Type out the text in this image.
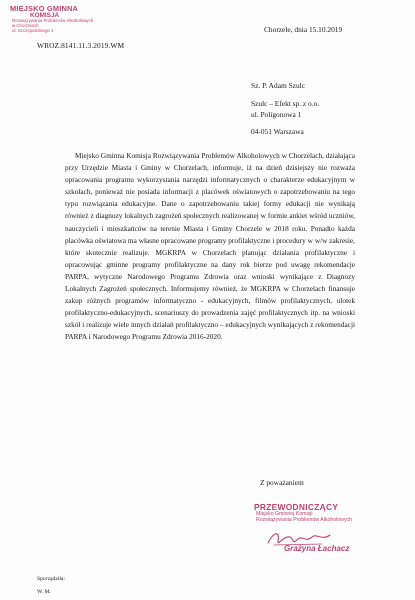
MIEJSKO GMINNA
KOMISJA
Rozwiązywania Problemów Alkoholowych
w Chorzelach
ul. Szczepańskiego 1	Chorzele, dnia 15.10.2019
WROZ.8141.11.3.2019.WM
Sz. P. Adam Szulc
Szulc – Efekt sp. z o.o.
ul. Poligonowa 1
04-051 Warszawa

Miejsko Gminna Komisja Rozwiązywania Problemów Alkoholowych w Chorzelach, działająca przy Urzędzie Miasta i Gminy w Chorzelach, informuje, iż na dzień dzisiejszy nie rozważa opracowania programu wykorzystania narzędzi informatycznych o charakterze edukacyjnym w szkołach, ponieważ nie posiada informacji z placówek oświatowych o zapotrzebowaniu na tego typu rozwiązania edukacyjne. Dane o zapotrzebowaniu takiej formy edukacji nie wynikają również z diagnozy lokalnych zagrożeń społecznych realizowanej w formie ankiet wśród uczniów, nauczycieli i mieszkańców na terenie Miasta i Gminy Chorzele w 2018 roku. Ponadto każda placówka oświatowa ma własne opracowane programy profilaktyczne i procedury w w/w zakresie, które skutecznie realizuje. MGKRPA w Chorzelach planując działania profilaktyczne i opracowując gminne programy profilaktyczne na dany rok bierze pod uwagę rekomendacje PARPA, wytyczne Narodowego Programu Zdrowia oraz wnioski wynikające z Diagnozy Lokalnych Zagrożeń społecznych. Informujemy również, że MGKRPA w Chorzelach finansuje zakup różnych programów informatyczno - edukacyjnych, filmów profilaktycznych, ulotek profilaktyczno-edukacyjnych, scenariuszy do prowadzenia zajęć profilaktycznych itp. na wnioski szkół i realizuje wiele innych działań profilaktyczno – edukacyjnych wynikających z rekomendacji PARPA i Narodowego Programu Zdrowia 2016-2020.

Z poważaniem
PRZEWODNICZĄCY
Miejsko Gminnej Komisji
Rozwiązywania Problemów Alkoholowych
Grażyna Łachacz
Sporządziła:
W. M.
